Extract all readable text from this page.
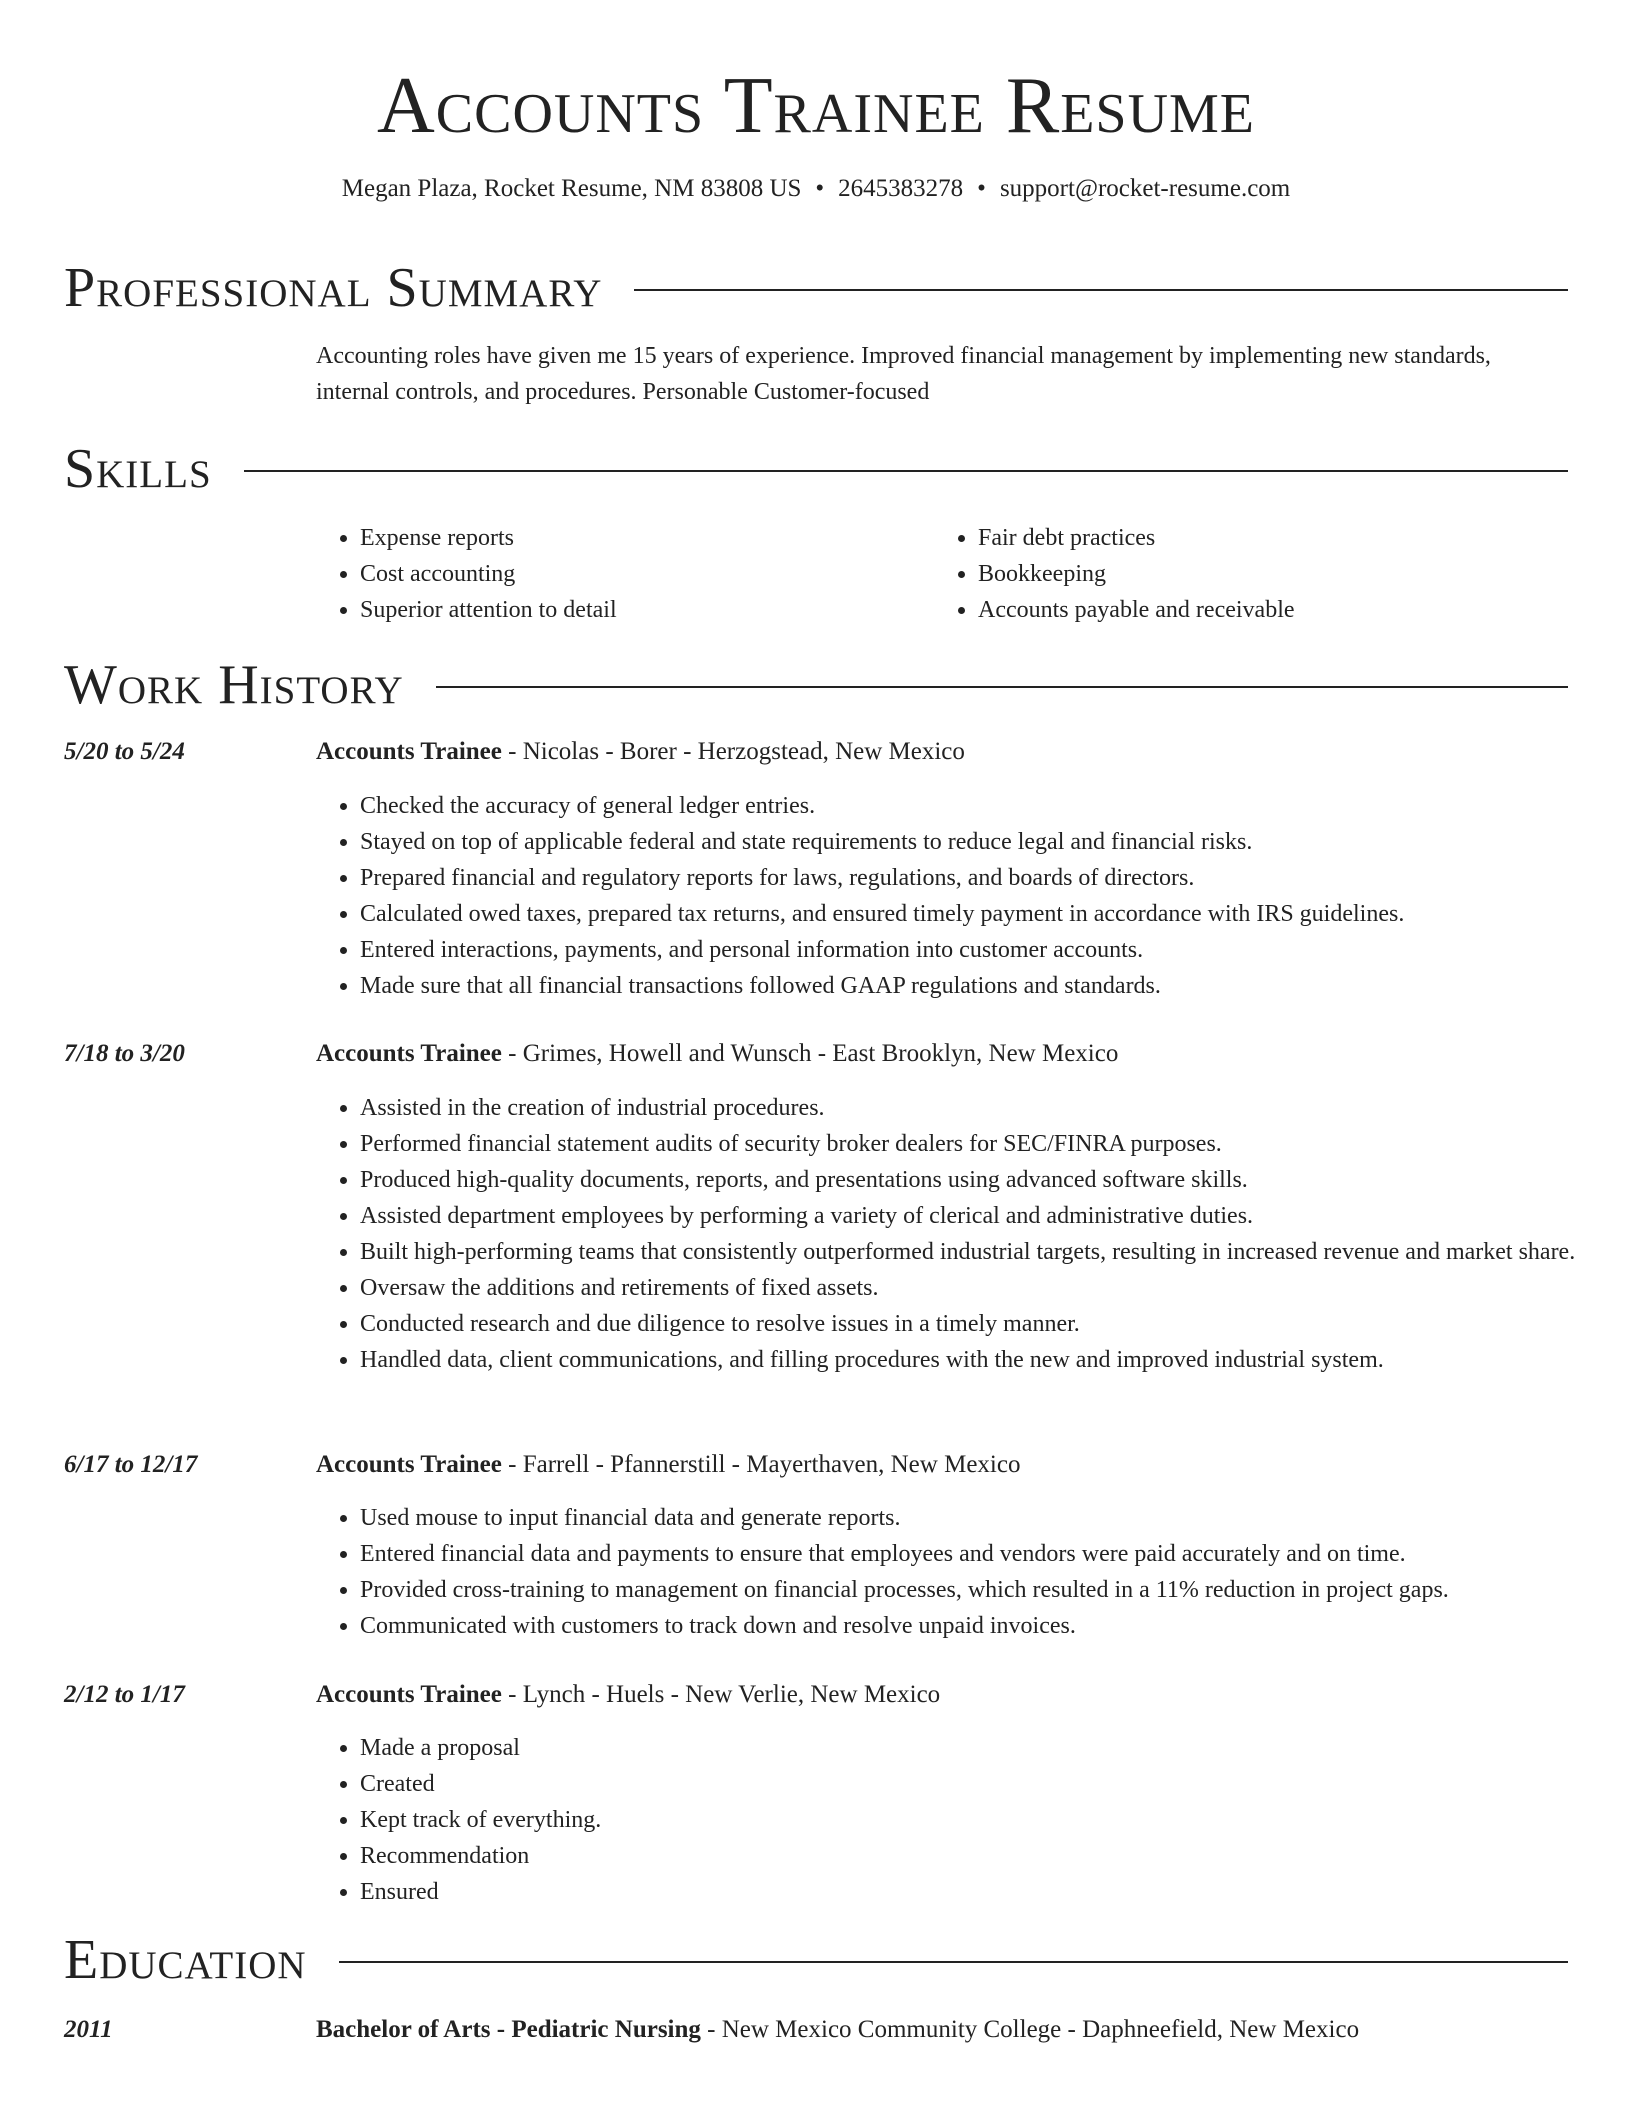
Accounts Trainee Resume
Megan Plaza, Rocket Resume, NM 83808 US • 2645383278 • support@rocket-resume.com
Professional Summary
Accounting roles have given me 15 years of experience. Improved financial management by implementing new standards, internal controls, and procedures. Personable Customer-focused
Skills
• Expense reports
• Cost accounting
• Superior attention to detail
• Fair debt practices
• Bookkeeping
• Accounts payable and receivable
Work History
5/20 to 5/24	Accounts Trainee - Nicolas - Borer - Herzogstead, New Mexico
• Checked the accuracy of general ledger entries.
• Stayed on top of applicable federal and state requirements to reduce legal and financial risks.
• Prepared financial and regulatory reports for laws, regulations, and boards of directors.
• Calculated owed taxes, prepared tax returns, and ensured timely payment in accordance with IRS guidelines.
• Entered interactions, payments, and personal information into customer accounts.
• Made sure that all financial transactions followed GAAP regulations and standards.
7/18 to 3/20	Accounts Trainee - Grimes, Howell and Wunsch - East Brooklyn, New Mexico
• Assisted in the creation of industrial procedures.
• Performed financial statement audits of security broker dealers for SEC/FINRA purposes.
• Produced high-quality documents, reports, and presentations using advanced software skills.
• Assisted department employees by performing a variety of clerical and administrative duties.
• Built high-performing teams that consistently outperformed industrial targets, resulting in increased revenue and market share.
• Oversaw the additions and retirements of fixed assets.
• Conducted research and due diligence to resolve issues in a timely manner.
• Handled data, client communications, and filling procedures with the new and improved industrial system.
6/17 to 12/17	Accounts Trainee - Farrell - Pfannerstill - Mayerthaven, New Mexico
• Used mouse to input financial data and generate reports.
• Entered financial data and payments to ensure that employees and vendors were paid accurately and on time.
• Provided cross-training to management on financial processes, which resulted in a 11% reduction in project gaps.
• Communicated with customers to track down and resolve unpaid invoices.
2/12 to 1/17	Accounts Trainee - Lynch - Huels - New Verlie, New Mexico
• Made a proposal
• Created
• Kept track of everything.
• Recommendation
• Ensured
Education
2011	Bachelor of Arts - Pediatric Nursing - New Mexico Community College - Daphneefield, New Mexico
